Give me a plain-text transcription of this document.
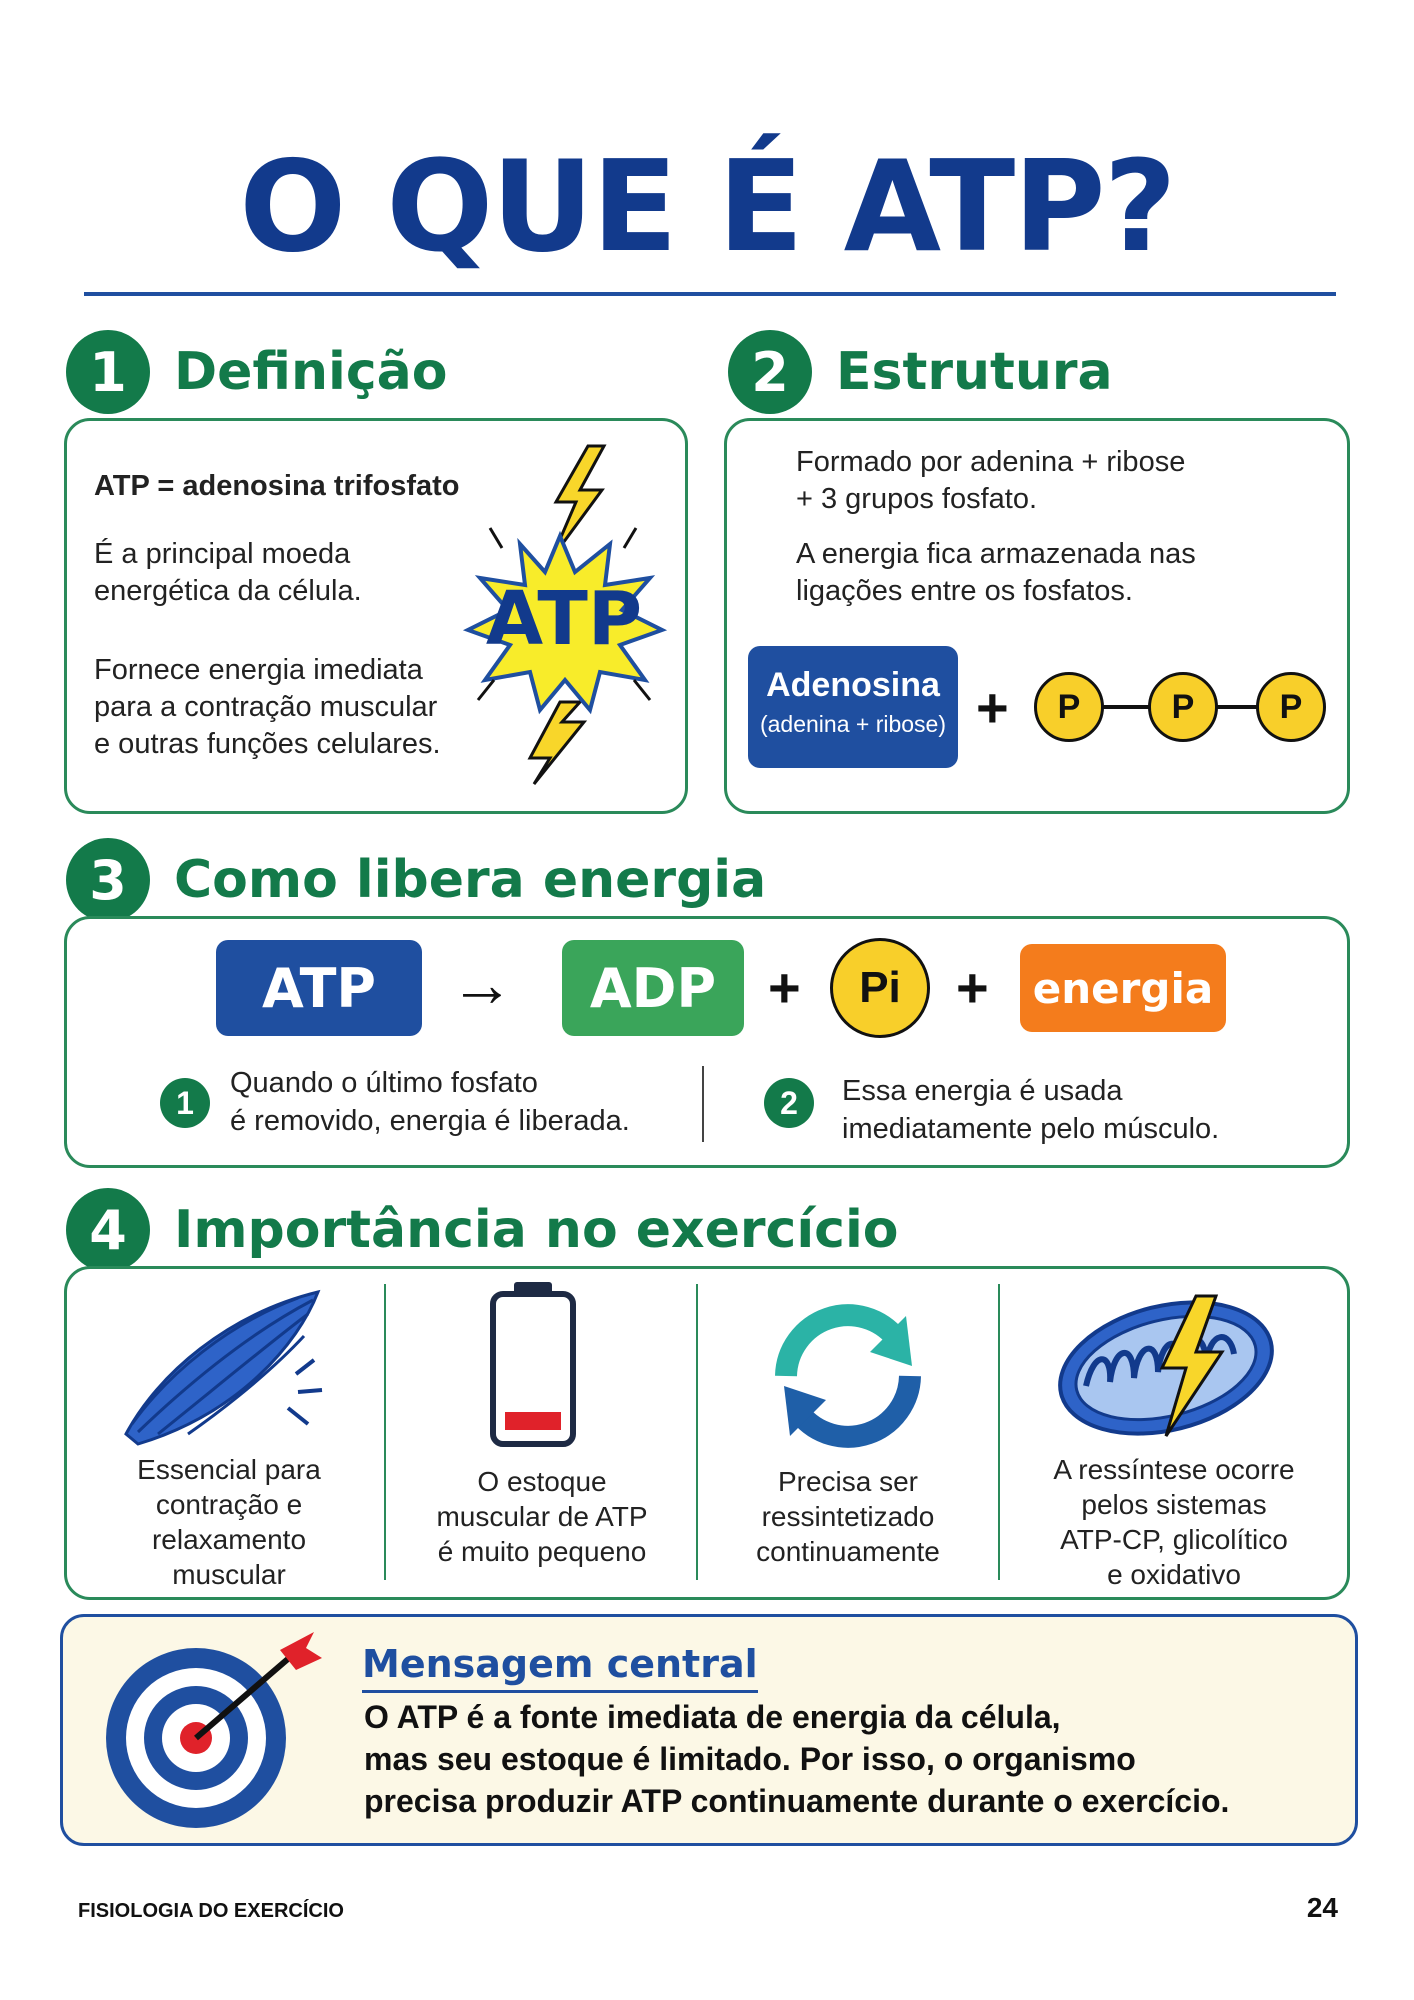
O QUE É ATP?
1 Definição
ATP = adenosina trifosfato
É a principal moeda
energética da célula.
Fornece energia imediata
para a contração muscular
e outras funções celulares.
ATP
2 Estrutura
Formado por adenina + ribose
+ 3 grupos fosfato.
A energia fica armazenada nas
ligações entre os fosfatos.
Adenosina
(adenina + ribose) +	P	P	P
3 Como libera energia
ATP	→	ADP +	Pi +	energia
1
Quando o último fosfato
é removido, energia é liberada.
2	Essa energia é usada
imediatamente pelo músculo.
4 Importância no exercício
Essencial para
contração e
relaxamento
muscular
O estoque
muscular de ATP
é muito pequeno
Precisa ser
ressintetizado
continuamente
A ressíntese ocorre
pelos sistemas
ATP-CP, glicolítico
e oxidativo
Mensagem central
O ATP é a fonte imediata de energia da célula,
mas seu estoque é limitado. Por isso, o organismo
precisa produzir ATP continuamente durante o exercício.
FISIOLOGIA DO EXERCÍCIO	24
